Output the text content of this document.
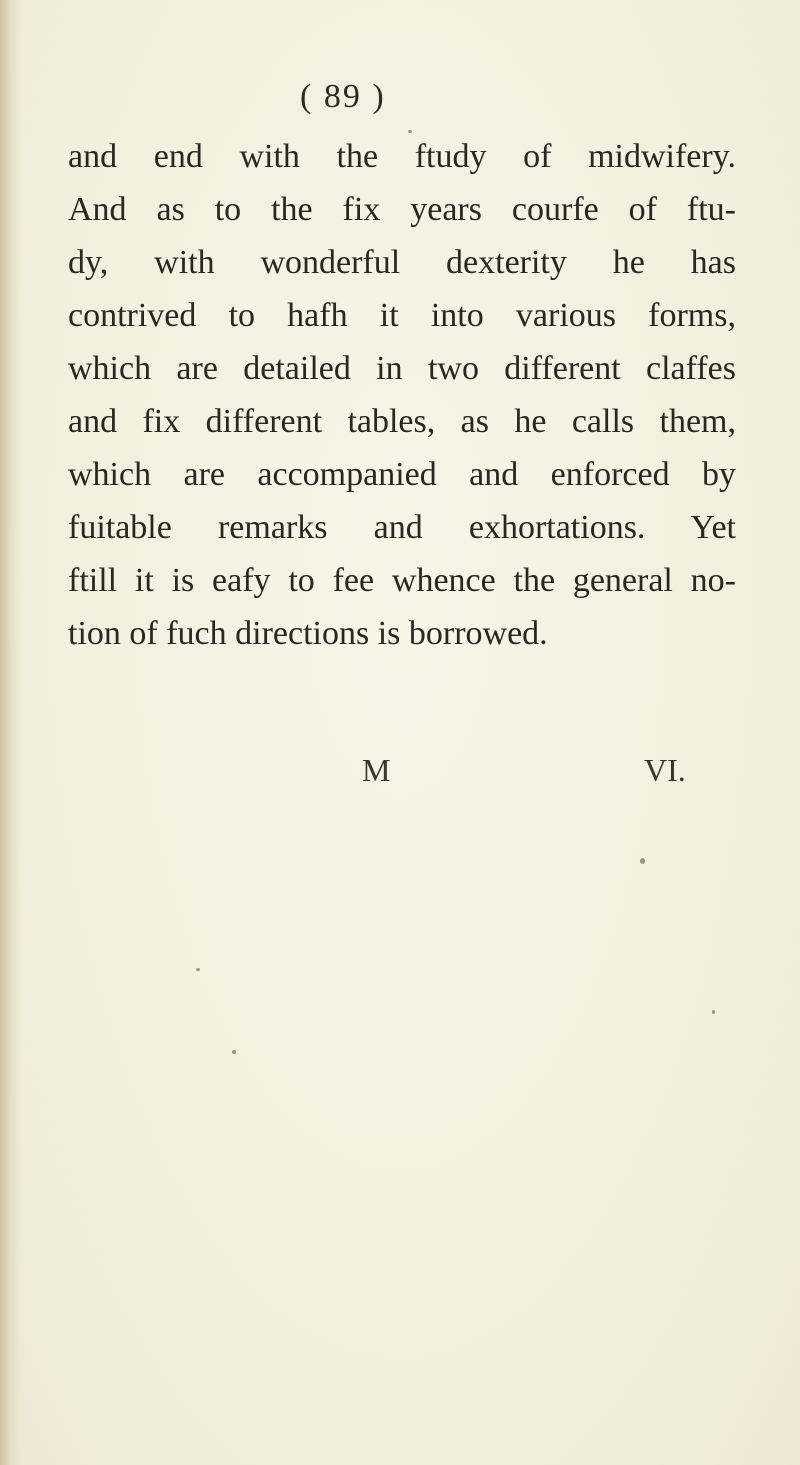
( 89 )
and end with the ftudy of midwifery.
And as to the fix years courfe of ftu-
dy, with wonderful dexterity he has
contrived to hafh it into various forms,
which are detailed in two different claffes
and fix different tables, as he calls them,
which are accompanied and enforced by
fuitable remarks and exhortations. Yet
ftill it is eafy to fee whence the general no-
tion of fuch directions is borrowed.
M	VI.
